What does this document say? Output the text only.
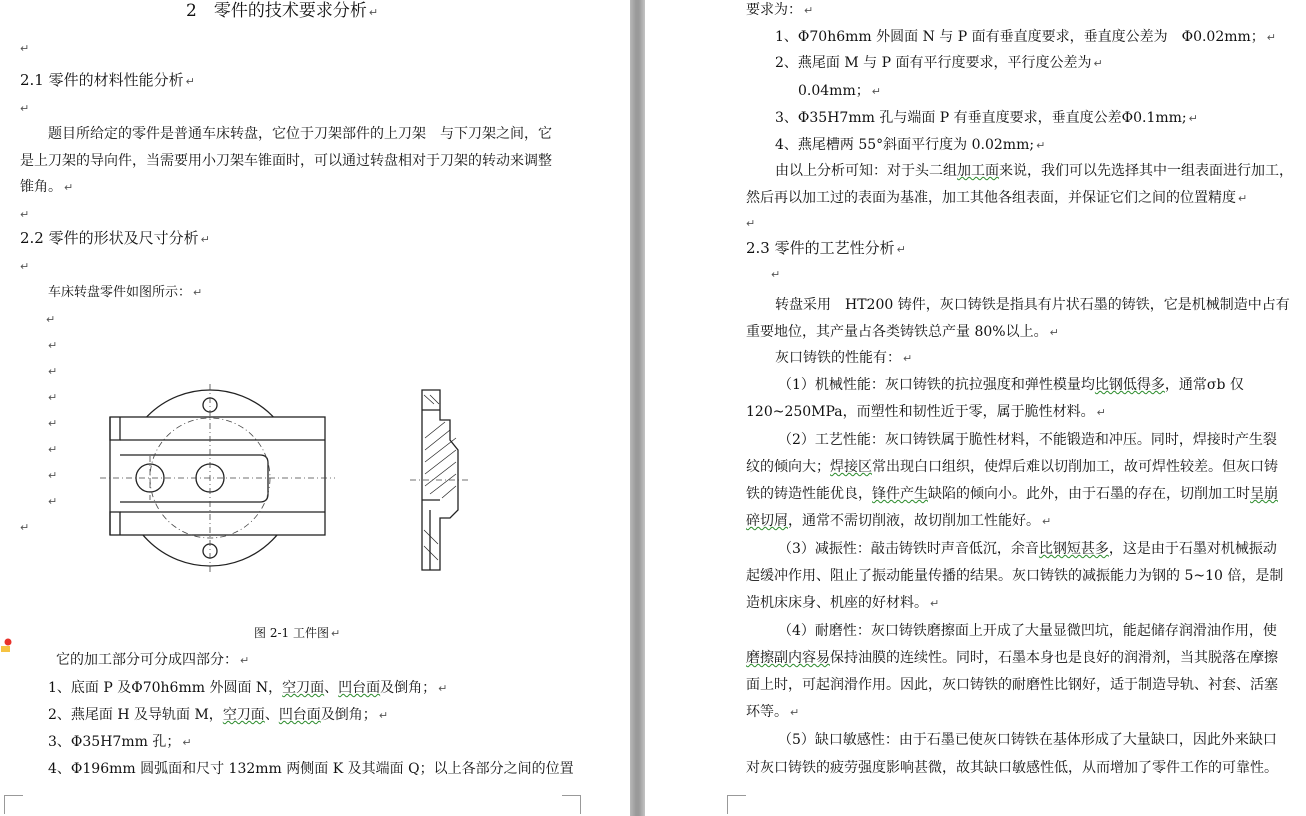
2　零件的技术要求分析 ↵
↵
2.1 零件的材料性能分析 ↵
↵
题目所给定的零件是普通车床转盘，它位于刀架部件的上刀架　与下刀架之间，它
是上刀架的导向件，当需要用小刀架车锥面时，可以通过转盘相对于刀架的转动来调整
锥角。 ↵
↵
2.2 零件的形状及尺寸分析 ↵
↵
车床转盘零件如图所示： ↵
↵
↵
↵
↵
↵
↵
↵
↵
↵
图 2-1 工件图 ↵
它的加工部分可分成四部分： ↵
1、底面 P 及Φ70h6mm 外圆面 N，空刀面、凹台面及倒角； ↵
2、燕尾面 H 及导轨面 M，空刀面、凹台面及倒角； ↵
3、Φ35H7mm 孔； ↵
4、Φ196mm 圆弧面和尺寸 132mm 两侧面 K 及其端面 Q；以上各部分之间的位置
要求为： ↵
1、Φ70h6mm 外圆面 N 与 P 面有垂直度要求，垂直度公差为　Φ0.02mm； ↵
2、燕尾面 M 与 P 面有平行度要求，平行度公差为 ↵
0.04mm； ↵
3、Φ35H7mm 孔与端面 P 有垂直度要求，垂直度公差Φ0.1mm; ↵
4、燕尾槽两 55°斜面平行度为 0.02mm; ↵
由以上分析可知：对于头二组加工面来说，我们可以先选择其中一组表面进行加工，
然后再以加工过的表面为基准，加工其他各组表面，并保证它们之间的位置精度 ↵
↵
2.3 零件的工艺性分析 ↵
↵
转盘采用　HT200 铸件，灰口铸铁是指具有片状石墨的铸铁，它是机械制造中占有
重要地位，其产量占各类铸铁总产量 80%以上。 ↵
灰口铸铁的性能有： ↵
（1）机械性能：灰口铸铁的抗拉强度和弹性模量均比钢低得多，通常σb 仅
120~250MPa，而塑性和韧性近于零，属于脆性材料。 ↵
（2）工艺性能：灰口铸铁属于脆性材料，不能锻造和冲压。同时，焊接时产生裂
纹的倾向大；焊接区常出现白口组织，使焊后难以切削加工，故可焊性较差。但灰口铸
铁的铸造性能优良，锋件产生缺陷的倾向小。此外，由于石墨的存在，切削加工时呈崩
碎切屑，通常不需切削液，故切削加工性能好。 ↵
（3）减振性：敲击铸铁时声音低沉，余音比钢短甚多，这是由于石墨对机械振动
起缓冲作用、阻止了振动能量传播的结果。灰口铸铁的减振能力为钢的 5~10 倍，是制
造机床床身、机座的好材料。 ↵
（4）耐磨性：灰口铸铁磨擦面上开成了大量显微凹坑，能起储存润滑油作用，使
磨擦副内容易保持油膜的连续性。同时，石墨本身也是良好的润滑剂，当其脱落在摩擦
面上时，可起润滑作用。因此，灰口铸铁的耐磨性比钢好，适于制造导轨、衬套、活塞
环等。 ↵
（5）缺口敏感性：由于石墨已使灰口铸铁在基体形成了大量缺口，因此外来缺口
对灰口铸铁的疲劳强度影响甚微，故其缺口敏感性低，从而增加了零件工作的可靠性。
